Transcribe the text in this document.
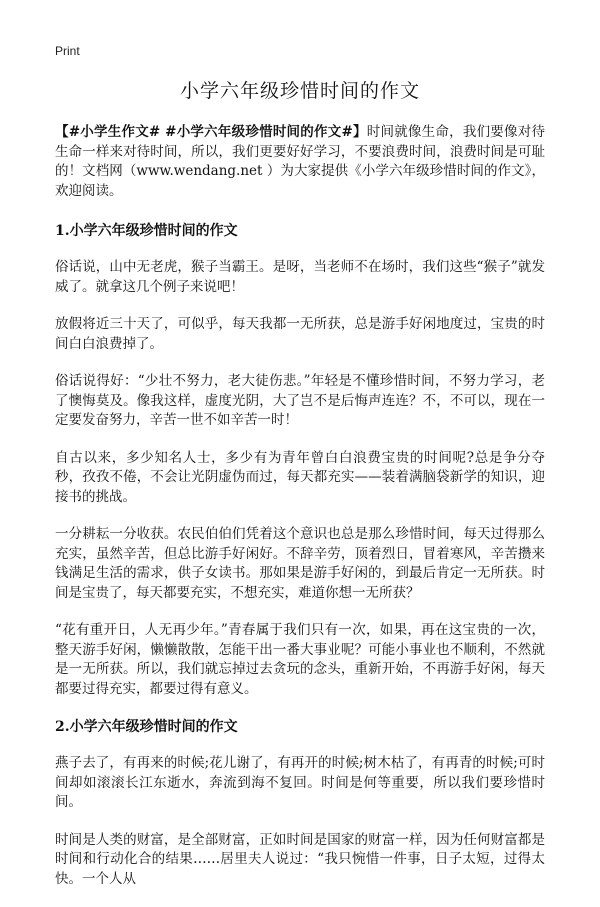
Print
小学六年级珍惜时间的作文

【#小学生作文# #小学六年级珍惜时间的作文#】时间就像生命，我们要像对待生命一样来对待时间，所以，我们更要好好学习，不要浪费时间，浪费时间是可耻的！文档网（www.wendang.net ）为大家提供《小学六年级珍惜时间的作文》，欢迎阅读。

1.小学六年级珍惜时间的作文

俗话说，山中无老虎，猴子当霸王。是呀，当老师不在场时，我们这些“猴子”就发威了。就拿这几个例子来说吧！

放假将近三十天了，可似乎，每天我都一无所获，总是游手好闲地度过，宝贵的时间白白浪费掉了。

俗话说得好：“少壮不努力，老大徒伤悲。”年轻是不懂珍惜时间，不努力学习，老了懊悔莫及。像我这样，虚度光阴，大了岂不是后悔声连连？不，不可以，现在一定要发奋努力，辛苦一世不如辛苦一时！

自古以来，多少知名人士，多少有为青年曾白白浪费宝贵的时间呢?总是争分夺秒，孜孜不倦，不会让光阴虚伪而过，每天都充实——装着满脑袋新学的知识，迎接书的挑战。

一分耕耘一分收获。农民伯伯们凭着这个意识也总是那么珍惜时间，每天过得那么充实，虽然辛苦，但总比游手好闲好。不辞辛劳，顶着烈日，冒着寒风，辛苦攒来钱满足生活的需求，供子女读书。那如果是游手好闲的，到最后肯定一无所获。时间是宝贵了，每天都要充实，不想充实，难道你想一无所获？

“花有重开日，人无再少年。”青春属于我们只有一次，如果，再在这宝贵的一次，整天游手好闲，懒懒散散，怎能干出一番大事业呢？可能小事业也不顺利，不然就是一无所获。所以，我们就忘掉过去贪玩的念头，重新开始，不再游手好闲，每天都要过得充实，都要过得有意义。

2.小学六年级珍惜时间的作文

燕子去了，有再来的时候;花儿谢了，有再开的时候;树木枯了，有再青的时候;可时间却如滚滚长江东逝水，奔流到海不复回。时间是何等重要，所以我们要珍惜时间。

时间是人类的财富，是全部财富，正如时间是国家的财富一样，因为任何财富都是时间和行动化合的结果……居里夫人说过：“我只惋惜一件事，日子太短，过得太快。一个人从
